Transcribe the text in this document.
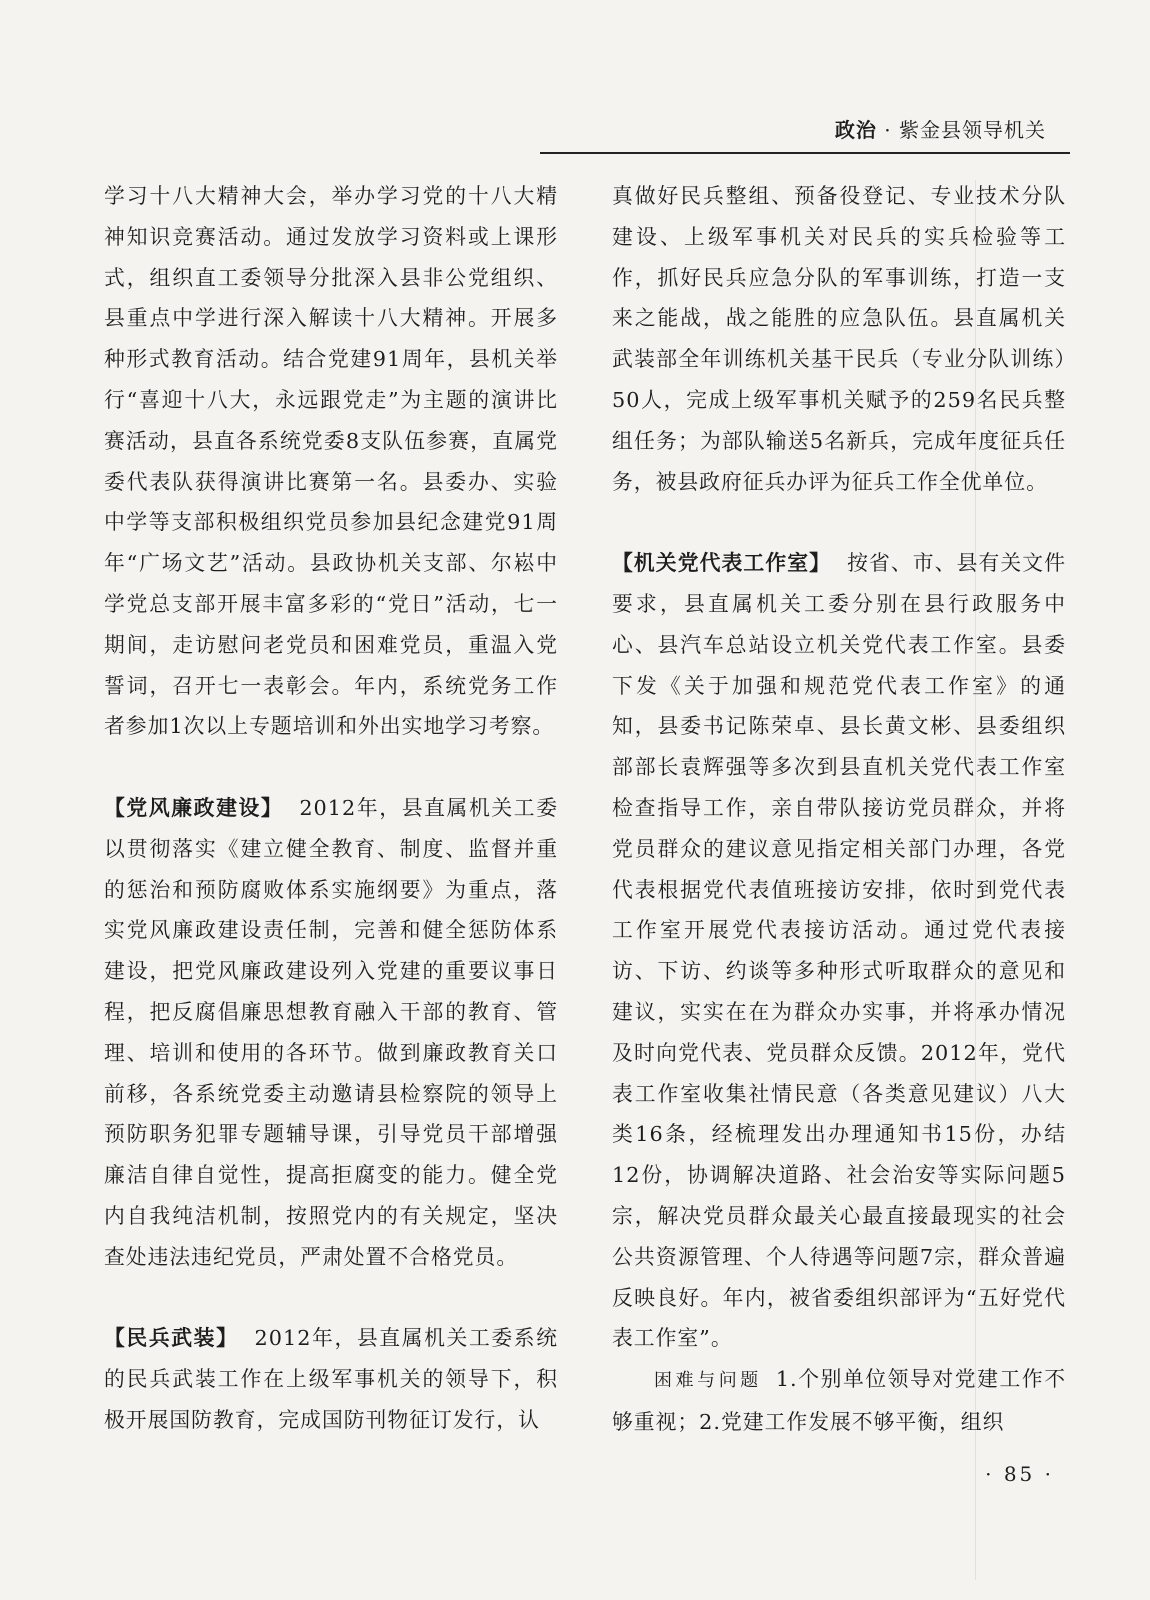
政治 · 紫金县领导机关

学习十八大精神大会，举办学习党的十八大精神知识竞赛活动。通过发放学习资料或上课形式，组织直工委领导分批深入县非公党组织、县重点中学进行深入解读十八大精神。开展多种形式教育活动。结合党建91周年，县机关举行“喜迎十八大，永远跟党走”为主题的演讲比赛活动，县直各系统党委8支队伍参赛，直属党委代表队获得演讲比赛第一名。县委办、实验中学等支部积极组织党员参加县纪念建党91周年“广场文艺”活动。县政协机关支部、尔崧中学党总支部开展丰富多彩的“党日”活动，七一期间，走访慰问老党员和困难党员，重温入党誓词，召开七一表彰会。年内，系统党务工作者参加1次以上专题培训和外出实地学习考察。

【党风廉政建设】 2012年，县直属机关工委以贯彻落实《建立健全教育、制度、监督并重的惩治和预防腐败体系实施纲要》为重点，落实党风廉政建设责任制，完善和健全惩防体系建设，把党风廉政建设列入党建的重要议事日程，把反腐倡廉思想教育融入干部的教育、管理、培训和使用的各环节。做到廉政教育关口前移，各系统党委主动邀请县检察院的领导上预防职务犯罪专题辅导课，引导党员干部增强廉洁自律自觉性，提高拒腐变的能力。健全党内自我纯洁机制，按照党内的有关规定，坚决查处违法违纪党员，严肃处置不合格党员。

【民兵武装】 2012年，县直属机关工委系统的民兵武装工作在上级军事机关的领导下，积极开展国防教育，完成国防刊物征订发行，认

真做好民兵整组、预备役登记、专业技术分队建设、上级军事机关对民兵的实兵检验等工作，抓好民兵应急分队的军事训练，打造一支来之能战，战之能胜的应急队伍。县直属机关武装部全年训练机关基干民兵（专业分队训练）50人，完成上级军事机关赋予的259名民兵整组任务；为部队输送5名新兵，完成年度征兵任务，被县政府征兵办评为征兵工作全优单位。

【机关党代表工作室】 按省、市、县有关文件要求，县直属机关工委分别在县行政服务中心、县汽车总站设立机关党代表工作室。县委下发《关于加强和规范党代表工作室》的通知，县委书记陈荣卓、县长黄文彬、县委组织部部长袁辉强等多次到县直机关党代表工作室检查指导工作，亲自带队接访党员群众，并将党员群众的建议意见指定相关部门办理，各党代表根据党代表值班接访安排，依时到党代表工作室开展党代表接访活动。通过党代表接访、下访、约谈等多种形式听取群众的意见和建议，实实在在为群众办实事，并将承办情况及时向党代表、党员群众反馈。2012年，党代表工作室收集社情民意（各类意见建议）八大类16条，经梳理发出办理通知书15份，办结12份，协调解决道路、社会治安等实际问题5宗，解决党员群众最关心最直接最现实的社会公共资源管理、个人待遇等问题7宗，群众普遍反映良好。年内，被省委组织部评为“五好党代表工作室”。

困难与问题 1.个别单位领导对党建工作不够重视；2.党建工作发展不够平衡，组织

· 85 ·
